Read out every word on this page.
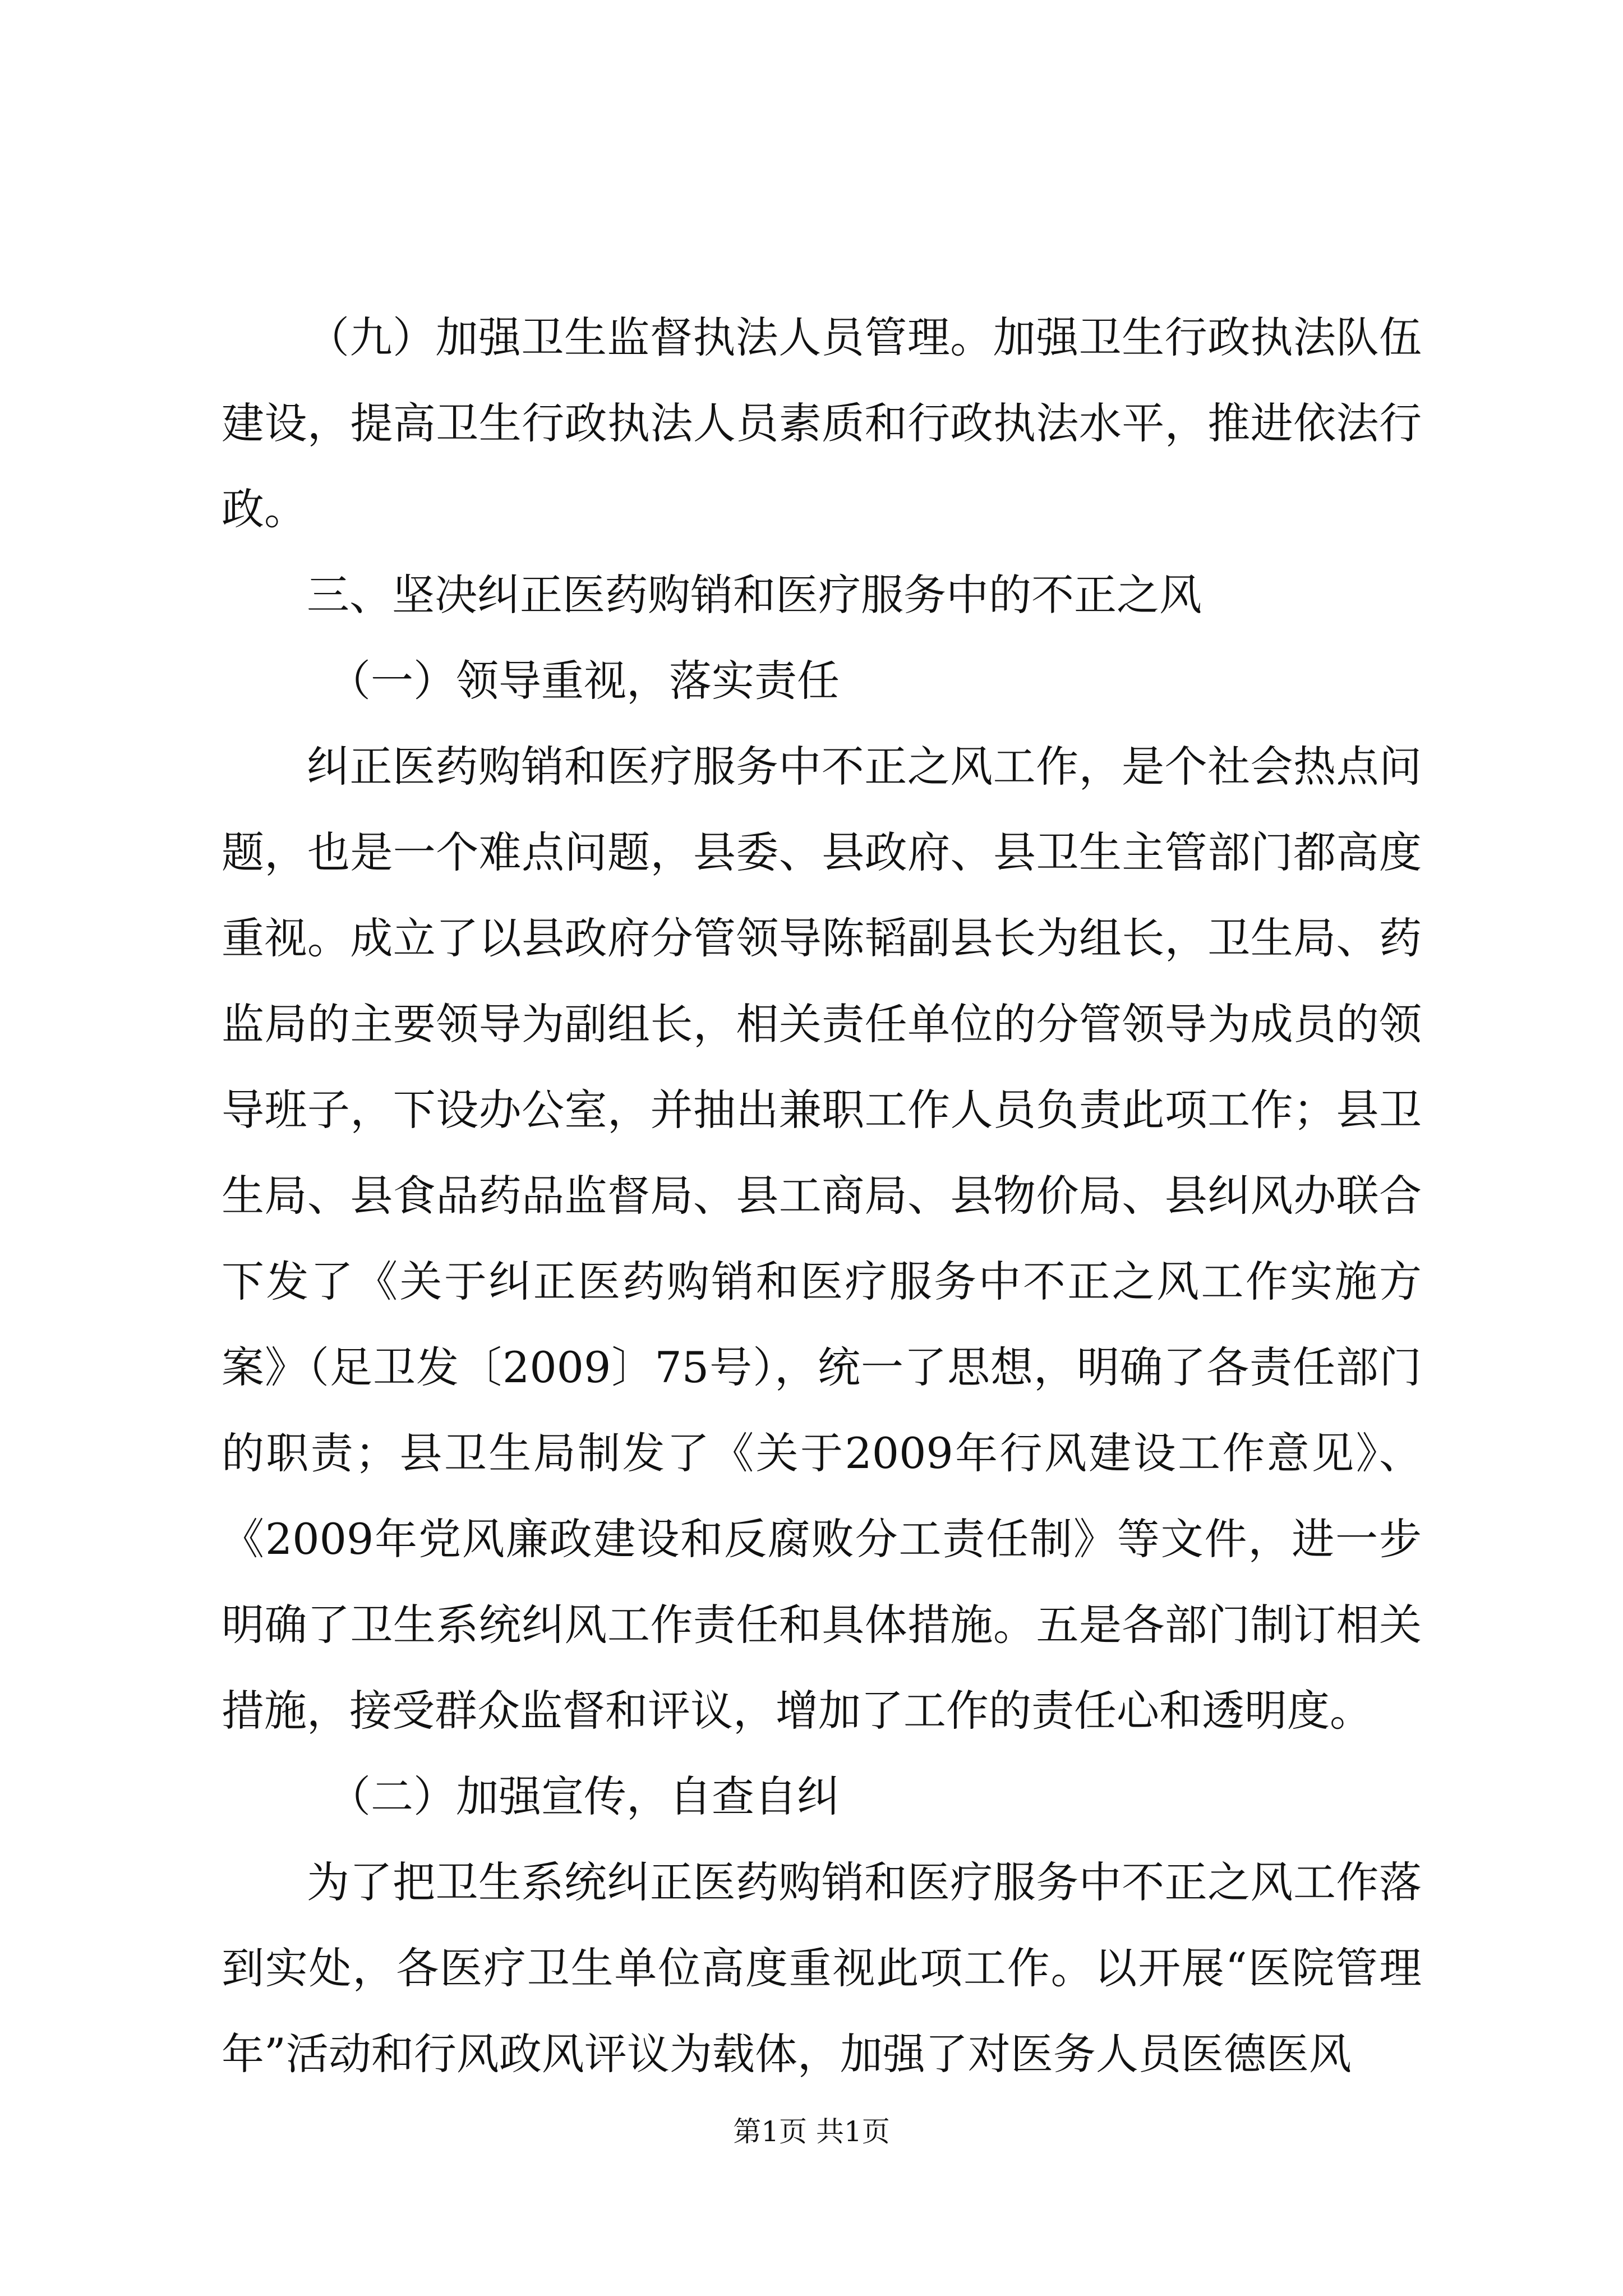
（九）加强卫生监督执法人员管理。加强卫生行政执法队伍建设，提高卫生行政执法人员素质和行政执法水平，推进依法行政。

三、坚决纠正医药购销和医疗服务中的不正之风

（一）领导重视，落实责任

纠正医药购销和医疗服务中不正之风工作，是个社会热点问题，也是一个难点问题，县委、县政府、县卫生主管部门都高度重视。成立了以县政府分管领导陈韬副县长为组长，卫生局、药监局的主要领导为副组长，相关责任单位的分管领导为成员的领导班子，下设办公室，并抽出兼职工作人员负责此项工作；县卫生局、县食品药品监督局、县工商局、县物价局、县纠风办联合下发了《关于纠正医药购销和医疗服务中不正之风工作实施方案》（足卫发〔2009〕75号），统一了思想，明确了各责任部门的职责；县卫生局制发了《关于2009年行风建设工作意见》、《2009年党风廉政建设和反腐败分工责任制》等文件，进一步明确了卫生系统纠风工作责任和具体措施。五是各部门制订相关措施，接受群众监督和评议，增加了工作的责任心和透明度。

（二）加强宣传，自查自纠

为了把卫生系统纠正医药购销和医疗服务中不正之风工作落到实处，各医疗卫生单位高度重视此项工作。以开展“医院管理年”活动和行风政风评议为载体，加强了对医务人员医德医风

第1页 共1页
